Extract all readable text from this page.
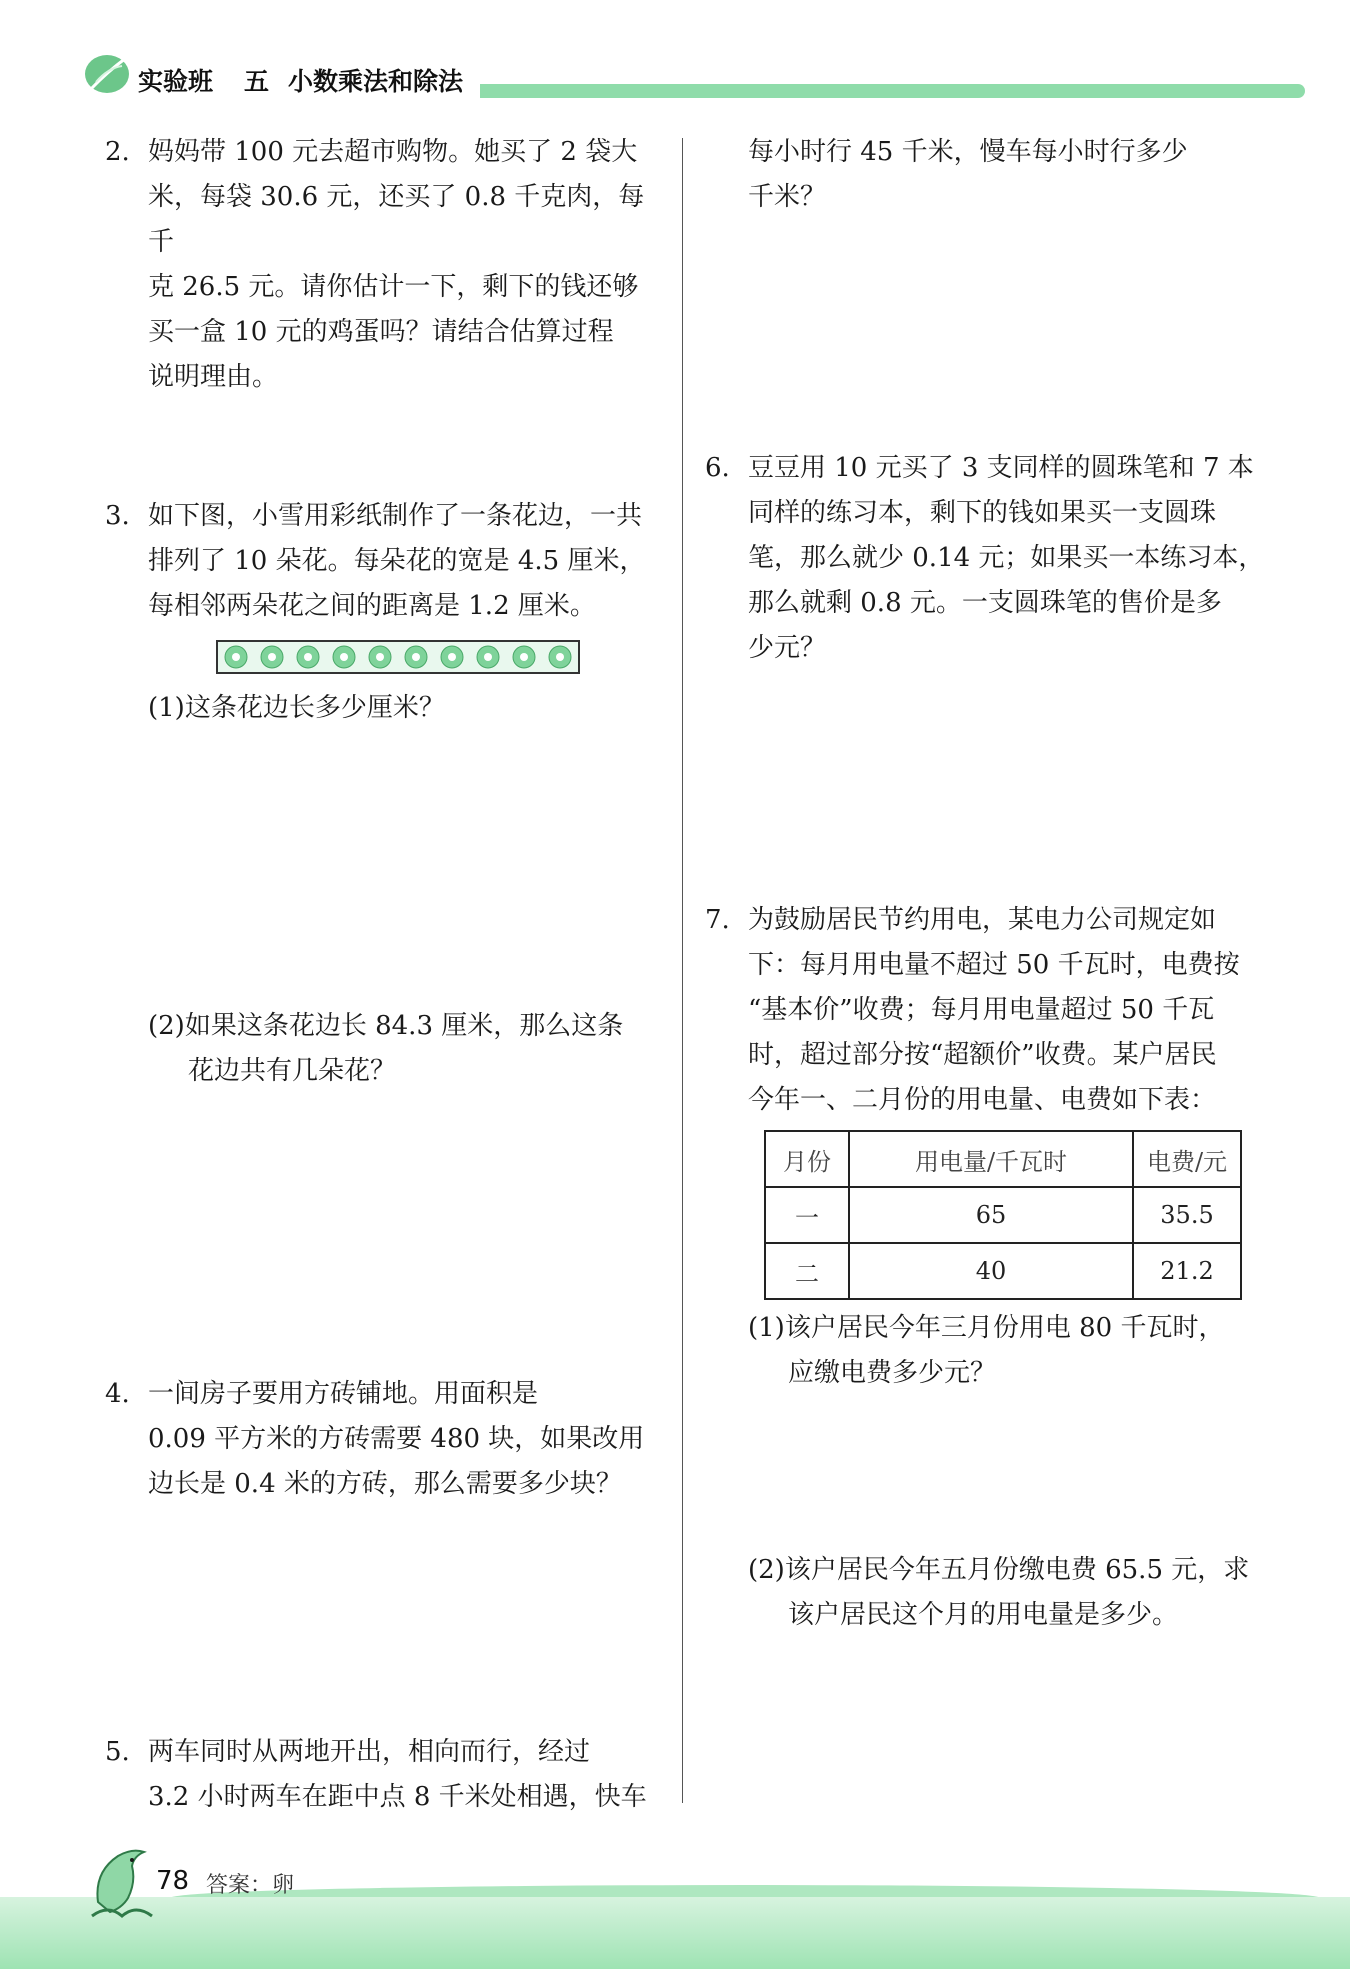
实验班 五 小数乘法和除法
2. 妈妈带 100 元去超市购物。她买了 2 袋大

米，每袋 30.6 元，还买了 0.8 千克肉，每千

克 26.5 元。请你估计一下，剩下的钱还够

买一盒 10 元的鸡蛋吗？请结合估算过程

说明理由。

3. 如下图，小雪用彩纸制作了一条花边，一共

排列了 10 朵花。每朵花的宽是 4.5 厘米，

每相邻两朵花之间的距离是 1.2 厘米。

(1)这条花边长多少厘米？

(2)如果这条花边长 84.3 厘米，那么这条

花边共有几朵花？

4. 一间房子要用方砖铺地。用面积是

0.09 平方米的方砖需要 480 块，如果改用

边长是 0.4 米的方砖，那么需要多少块？

5. 两车同时从两地开出，相向而行，经过

3.2 小时两车在距中点 8 千米处相遇，快车

每小时行 45 千米，慢车每小时行多少

千米？

6. 豆豆用 10 元买了 3 支同样的圆珠笔和 7 本

同样的练习本，剩下的钱如果买一支圆珠

笔，那么就少 0.14 元；如果买一本练习本，

那么就剩 0.8 元。一支圆珠笔的售价是多

少元？

7. 为鼓励居民节约用电，某电力公司规定如

下：每月用电量不超过 50 千瓦时，电费按

“基本价”收费；每月用电量超过 50 千瓦

时，超过部分按“超额价”收费。某户居民

今年一、二月份的用电量、电费如下表：

月份	用电量/千瓦时	电费/元
一	65	35.5
二	40	21.2

(1)该户居民今年三月份用电 80 千瓦时，

应缴电费多少元？

(2)该户居民今年五月份缴电费 65.5 元，求

该户居民这个月的用电量是多少。

78 答案：卵
